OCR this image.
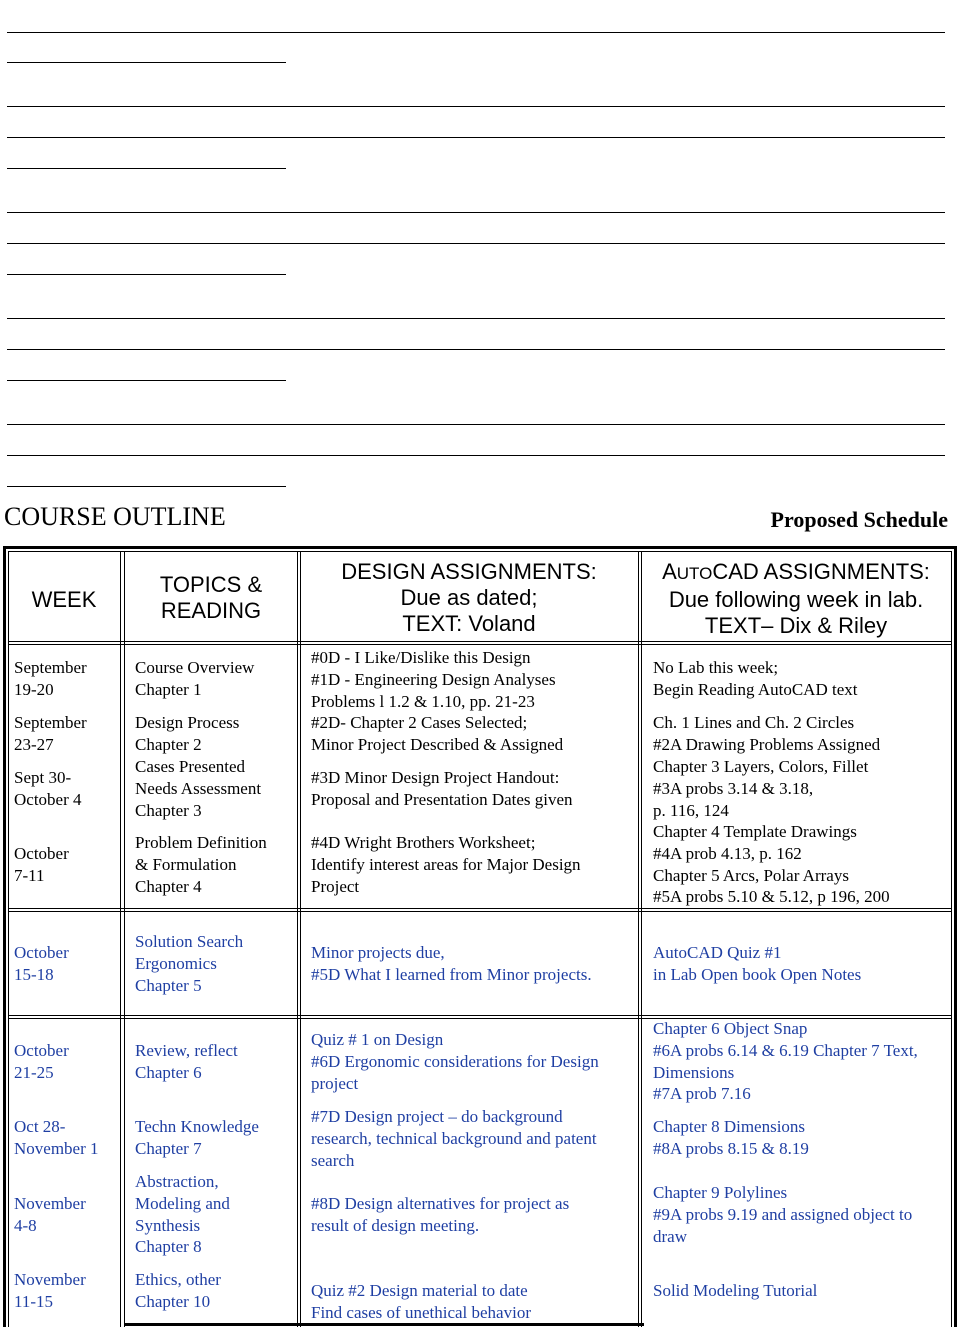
COURSE OUTLINE	Proposed Schedule
WEEK
TOPICS &
READING
DESIGN ASSIGNMENTS:
Due as dated;
TEXT: Voland
AUTOCAD ASSIGNMENTS:
Due following week in lab.
TEXT– Dix & Riley
September
19-20
Course Overview
Chapter 1
#0D - I Like/Dislike this Design
#1D - Engineering Design Analyses
Problems l 1.2 & 1.10, pp. 21-23
No Lab this week;
Begin Reading AutoCAD text
September
23-27
Design Process
Chapter 2
#2D- Chapter 2 Cases Selected;
Minor Project Described & Assigned
Ch. 1 Lines and Ch. 2 Circles
#2A Drawing Problems Assigned
Sept 30-
October 4
Cases Presented
Needs Assessment
Chapter 3
#3D Minor Design Project Handout:
Proposal and Presentation Dates given
Chapter 3 Layers, Colors, Fillet
#3A probs 3.14 & 3.18,
p. 116, 124
October
7-11
Problem Definition
& Formulation
Chapter 4
#4D Wright Brothers Worksheet;
Identify interest areas for Major Design
Project
Chapter 4 Template Drawings
#4A prob 4.13, p. 162
Chapter 5 Arcs, Polar Arrays
#5A probs 5.10 & 5.12, p 196, 200
October
15-18
Solution Search
Ergonomics
Chapter 5
Minor projects due,
#5D What I learned from Minor projects.
AutoCAD Quiz #1
in Lab Open book Open Notes
October
21-25
Review, reflect
Chapter 6
Quiz # 1 on Design
#6D Ergonomic considerations for Design
project
Chapter 6 Object Snap
#6A probs 6.14 & 6.19 Chapter 7 Text,
Dimensions
#7A prob 7.16
Oct 28-
November 1
Techn Knowledge
Chapter 7
#7D Design project – do background
research, technical background and patent
search
Chapter 8 Dimensions
#8A probs 8.15 & 8.19
November
4-8
Abstraction,
Modeling and
Synthesis
Chapter 8
#8D Design alternatives for project as
result of design meeting.
Chapter 9 Polylines
#9A probs 9.19 and assigned object to
draw
November
11-15
Ethics, other
Chapter 10
Quiz #2 Design material to date
Find cases of unethical behavior
Solid Modeling Tutorial
